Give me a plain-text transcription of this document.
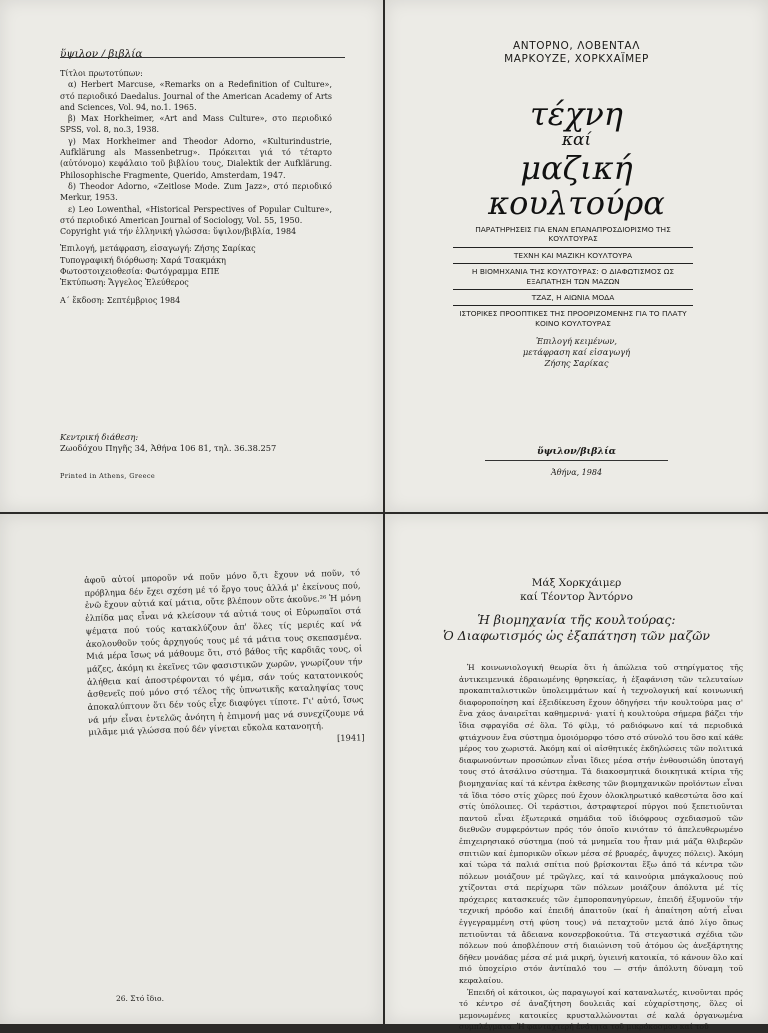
ὕψιλον / βιβλία

Τίτλοι πρωτοτύπων:

α) Herbert Marcuse, «Remarks on a Redefinition of Culture», στό περιοδικό Daedalus. Journal of the American Academy of Arts and Sciences, Vol. 94, no.1. 1965.

β) Max Horkheimer, «Art and Mass Culture», στο περιοδικό SPSS, vol. 8, no.3, 1938.

γ) Max Horkheimer and Theodor Adorno, «Kulturindustrie, Aufklärung als Massenbetrug». Πρόκειται γιά τό τέταρτο (αὐτόνομο) κεφάλαιο τοῦ βιβλίου τους, Dialektik der Aufklärung. Philosophische Fragmente, Querido, Amsterdam, 1947.

δ) Theodor Adorno, «Zeitlose Mode. Zum Jazz», στό περιοδικό Merkur, 1953.

ε) Leo Lowenthal, «Historical Perspectives of Popular Culture», στό περιοδικό American Journal of Sociology, Vol. 55, 1950.

Copyright γιά τήν ἑλληνική γλώσσα: ὕψιλον/βιβλία, 1984

Ἐπιλογή, μετάφραση, εἰσαγωγή: Ζήσης Σαρίκας

Τυπογραφική διόρθωση: Χαρά Τσακμάκη

Φωτοστοιχειοθεσία: Φωτόγραμμα ΕΠΕ

Ἐκτύπωση: Ἄγγελος Ἐλεύθερος

Α΄ ἔκδοση: Σεπτέμβριος 1984

Κεντρική διάθεση:
Ζωοδόχου Πηγῆς 34, Ἀθήνα 106 81, τηλ. 36.38.257
Printed in Athens, Greece
ΑΝΤΟΡΝΟ, ΛΟΒΕΝΤΑΛ
ΜΑΡΚΟΥΖΕ, ΧΟΡΚΧΑΪΜΕΡ
τέχνη
καί
μαζική
κουλτούρα
ΠΑΡΑΤΗΡΗΣΕΙΣ ΓΙΑ ΕΝΑΝ ΕΠΑΝΑΠΡΟΣΔΙΟΡΙΣΜΟ ΤΗΣ ΚΟΥΛΤΟΥΡΑΣ
ΤΕΧΝΗ ΚΑΙ ΜΑΖΙΚΗ ΚΟΥΛΤΟΥΡΑ
Η ΒΙΟΜΗΧΑΝΙΑ ΤΗΣ ΚΟΥΛΤΟΥΡΑΣ: Ο ΔΙΑΦΩΤΙΣΜΟΣ ΩΣ ΕΞΑΠΑΤΗΣΗ ΤΩΝ ΜΑΖΩΝ
ΤΖΑΖ, Η ΑΙΩΝΙΑ ΜΟΔΑ
ΙΣΤΟΡΙΚΕΣ ΠΡΟΟΠΤΙΚΕΣ ΤΗΣ ΠΡΟΟΡΙΖΟΜΕΝΗΣ ΓΙΑ ΤΟ ΠΛΑΤΥ ΚΟΙΝΟ ΚΟΥΛΤΟΥΡΑΣ
Ἐπιλογή κειμένων,
μετάφραση καί εἰσαγωγή
Ζήσης Σαρίκας
ὕψιλον/βιβλία
Ἀθήνα, 1984

ἀφοῦ αὐτοί μποροῦν νά ποῦν μόνο ὅ,τι ἔχουν νά ποῦν, τό πρόβλημα δέν ἔχει σχέση μέ τό ἔργο τους ἀλλά μ' ἐκείνους πού, ἐνῶ ἔχουν αὐτιά καί μάτια, οὔτε βλέπουν οὔτε ἀκοῦνε.²⁶ Ἡ μόνη ἐλπίδα μας εἶναι νά κλείσουν τά αὐτιά τους οἱ Εὐρωπαῖοι στά ψέματα πού τούς κατακλύζουν ἀπ' ὅλες τίς μεριές καί νά ἀκολουθοῦν τούς ἀρχηγούς τους μέ τά μάτια τους σκεπασμένα. Μιά μέρα ἴσως νά μάθουμε ὅτι, στό βάθος τῆς καρδιᾶς τους, οἱ μάζες, ἀκόμη κι ἐκεῖνες τῶν φασιστικῶν χωρῶν, γνωρίζουν τήν ἀλήθεια καί ἀποστρέφονται τό ψέμα, σάν τούς κατατονικούς ἀσθενεῖς πού μόνο στό τέλος τῆς ὑπνωτικῆς καταληψίας τους ἀποκαλύπτουν ὅτι δέν τούς εἶχε διαφύγει τίποτε. Γι' αὐτό, ἴσως νά μήν εἶναι ἐντελῶς ἀνόητη ἡ ἐπιμονή μας νά συνεχίζουμε νά μιλᾶμε μιά γλώσσα πού δέν γίνεται εὔκολα κατανοητή.

[1941]
26. Στό ἴδιο.
Μάξ Χορκχάιμερ
καί Τέοντορ Ἀντόρνο
Ἡ βιομηχανία τῆς κουλτούρας:
Ὁ Διαφωτισμός ὡς ἐξαπάτηση τῶν μαζῶν

Ἡ κοινωνιολογική θεωρία ὅτι ἡ ἀπώλεια τοῦ στηρίγματος τῆς ἀντικειμενικά ἑδραιωμένης θρησκείας, ἡ ἐξαφάνιση τῶν τελευταίων προκαπιταλιστικῶν ὑπολειμμάτων καί ἡ τεχνολογική καί κοινωνική διαφοροποίηση καί ἐξειδίκευση ἔχουν ὁδηγήσει τήν κουλτούρα μας σ' ἕνα χάος ἀναιρεῖται καθημερινά· γιατί ἡ κουλτούρα σήμερα βάζει τήν ἴδια σφραγίδα σέ ὅλα. Τό φίλμ, τό ραδιόφωνο καί τά περιοδικά φτιάχνουν ἕνα σύστημα ὁμοιόμορφο τόσο στό σύνολό του ὅσο καί κάθε μέρος του χωριστά. Ἀκόμη καί οἱ αἰσθητικές ἐκδηλώσεις τῶν πολιτικά διαφωνούντων προσώπων εἶναι ἴδιες μέσα στήν ἐνθουσιώδη ὑποταγή τους στό ἀτσάλινο σύστημα. Τά διακοσμητικά διοικητικά κτίρια τῆς βιομηχανίας καί τά κέντρα ἐκθεσης τῶν βιομηχανικῶν προϊόντων εἶναι τά ἴδια τόσο στίς χῶρες πού ἔχουν ὁλοκληρωτικό καθεστώτα ὅσο καί στίς ὑπόλοιπες. Οἱ τεράστιοι, ἀστραφτεροί πύργοι πού ξεπετιοῦνται παντοῦ εἶναι ἐξωτερικά σημάδια τοῦ ἰδιόφρους σχεδιασμοῦ τῶν διεθνῶν συμφερόντων πρός τόν ὁποῖο κινιόταν τό ἀπελευθερωμένο ἐπιχειρησιακό σύστημα (πού τά μνημεῖα του ἦταν μιά μάζα θλιβερῶν σπιτιῶν καί ἐμπορικῶν οἴκων μέσα σέ βρυαρές, ἄψυχες πόλεις). Ἀκόμη καί τώρα τά παλιά σπίτια πού βρίσκονται ἔξω ἀπό τά κέντρα τῶν πόλεων μοιάζουν μέ τρῶγλες, καί τά καινούρια μπάγκαλοους πού χτίζονται στά περίχωρα τῶν πόλεων μοιάζουν ἀπόλυτα μέ τίς πρόχειρες κατασκευές τῶν ἐμποροπανηγύρεων, ἐπειδή ἐξυμνοῦν τήν τεχνική πρόοδο καί ἐπειδή ἀπαιτοῦν (καί ἡ ἀπαίτηση αὐτή εἶναι ἐγγεγραμμένη στή φύση τους) νά πεταχτοῦν μετά ἀπό λίγο ὅπως πετιοῦνται τά ἄδειανα κονσερβοκούτια. Τά στεγαστικά σχέδια τῶν πόλεων πού ἀποβλέπουν στή διαιώνιση τοῦ ἀτόμου ὡς ἀνεξάρτητης δῆθεν μονάδας μέσα σέ μιά μικρή, ὑγιεινή κατοικία, τό κάνουν ὅλο καί πιό ὑποχείριο στόν ἀντίπαλό του — στήν ἀπόλυτη δύναμη τοῦ κεφαλαίου.

Ἐπειδή οἱ κάτοικοι, ὡς παραγωγοί καί καταναλωτές, κινοῦνται πρός τό κέντρο σέ ἀναζήτηση δουλειᾶς καί εὐχαρίστησης, ὅλες οἱ μεμονωμένες κατοικίες κρυσταλλώνονται σέ καλά ὀργανωμένα συμπλέγματα. Ἡ φανταχτερή ἑνότητα τοῦ μικρόκοσμου καί τοῦ
